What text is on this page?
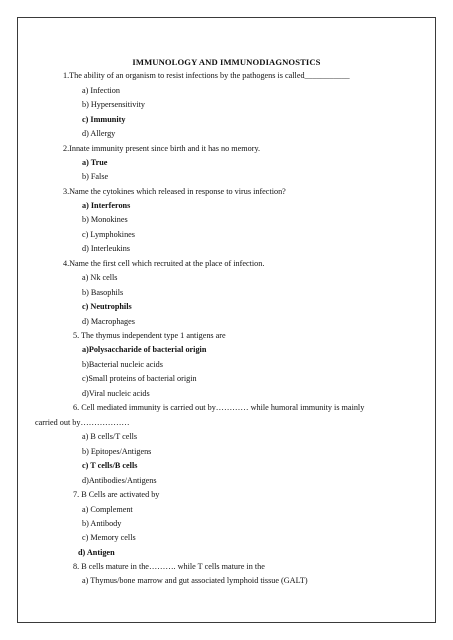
IMMUNOLOGY AND IMMUNODIAGNOSTICS
1.The ability of an organism to resist infections by the pathogens is called___________
a) Infection
b) Hypersensitivity
c) Immunity
d) Allergy
2.Innate immunity present since birth and it has no memory.
a) True
b) False
3.Name the cytokines which released in response to virus infection?
a) Interferons
b) Monokines
c) Lymphokines
d) Interleukins
4.Name the first cell which recruited at the place of infection.
a) Nk cells
b) Basophils
c) Neutrophils
d) Macrophages
5. The thymus independent type 1 antigens are
a)Polysaccharide of bacterial origin
b)Bacterial nucleic acids
c)Small proteins of bacterial origin
d)Viral nucleic acids
6. Cell mediated immunity is carried out by………… while humoral immunity is mainly
carried out by………………
a) B cells/T cells
b) Epitopes/Antigens
c) T cells/B cells
d)Antibodies/Antigens
7. B Cells are activated by
a) Complement
b) Antibody
c) Memory cells
d) Antigen
8. B cells mature in the………. while T cells mature in the
a) Thymus/bone marrow and gut associated lymphoid tissue (GALT)
